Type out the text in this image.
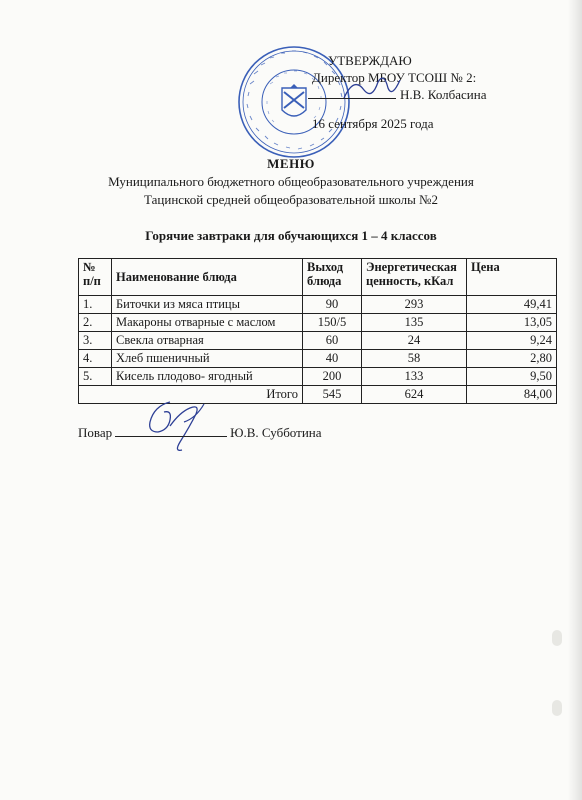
УТВЕРЖДАЮ
Директор МБОУ ТСОШ № 2:
Н.В. Колбасина
16 сентября 2025 года
МЕНЮ
Муниципального бюджетного общеобразовательного учреждения
Тацинской средней общеобразовательной школы №2
Горячие завтраки для обучающихся 1 – 4 классов
№ п/п	Наименование блюда	Выход блюда	Энергетическая ценность, кКал	Цена
1.	Биточки из мяса птицы	90	293	49,41
2.	Макароны отварные с маслом	150/5	135	13,05
3.	Свекла отварная	60	24	9,24
4.	Хлеб пшеничный	40	58	2,80
5.	Кисель плодово- ягодный	200	133	9,50
Итого		545	624	84,00
Повар	Ю.В. Субботина
